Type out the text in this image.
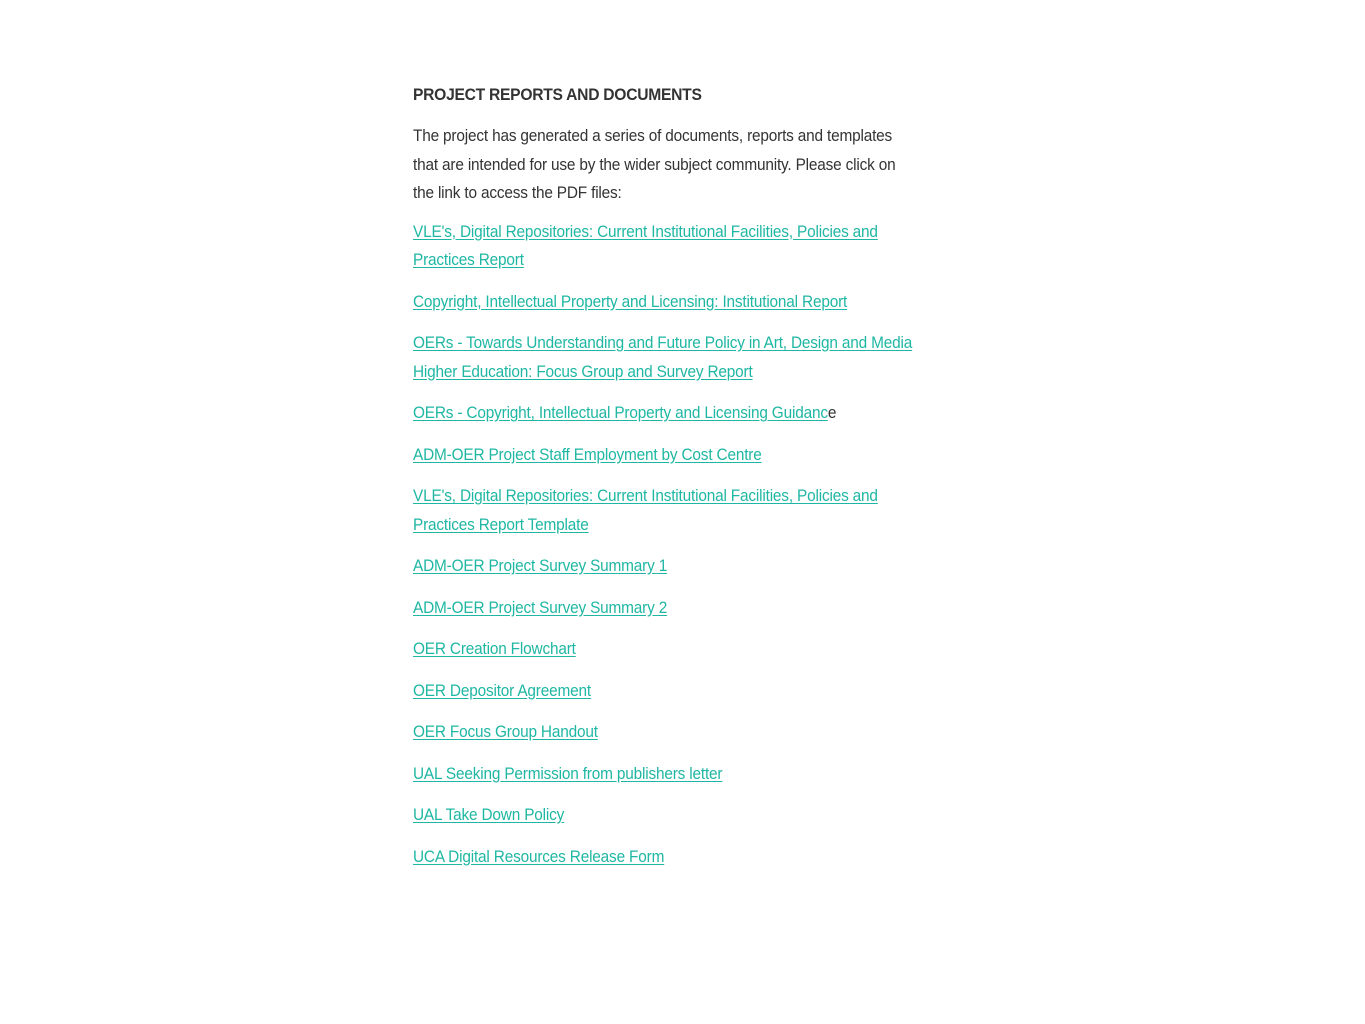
PROJECT REPORTS AND DOCUMENTS

The project has generated a series of documents, reports and templates that are intended for use by the wider subject community. Please click on the link to access the PDF files:

VLE's, Digital Repositories: Current Institutional Facilities, Policies and Practices Report
Copyright, Intellectual Property and Licensing: Institutional Report
OERs - Towards Understanding and Future Policy in Art, Design and Media Higher Education: Focus Group and Survey Report
OERs - Copyright, Intellectual Property and Licensing Guidance
ADM-OER Project Staff Employment by Cost Centre
VLE's, Digital Repositories: Current Institutional Facilities, Policies and Practices Report Template
ADM-OER Project Survey Summary 1
ADM-OER Project Survey Summary 2
OER Creation Flowchart
OER Depositor Agreement
OER Focus Group Handout
UAL Seeking Permission from publishers letter
UAL Take Down Policy
UCA Digital Resources Release Form
